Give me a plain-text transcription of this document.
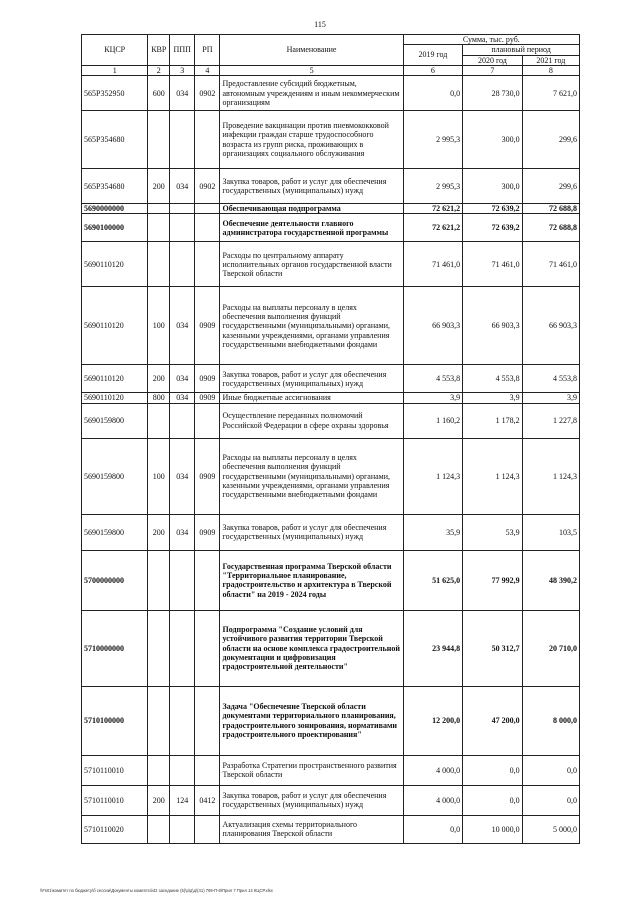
115
КЦСР	КВР	ППП	РП	Наименование	Сумма, тыс. руб.		
					2019 год	плановый период	
						2020 год	2021 год
1	2	3	4	5	6	7	8
565Р352950	600	034	0902	Предоставление субсидий бюджетным, автономным учреждениям и иным некоммерческим организациям	0,0	28 730,0	7 621,0
565Р354680				Проведение вакцинации против пневмококковой инфекции граждан старше трудоспособного возраста из групп риска, проживающих в организациях социального обслуживания	2 995,3	300,0	299,6
565Р354680	200	034	0902	Закупка товаров, работ и услуг для обеспечения государственных (муниципальных) нужд	2 995,3	300,0	299,6
5690000000				Обеспечивающая подпрограмма	72 621,2	72 639,2	72 688,8
5690100000				Обеспечение деятельности главного администратора государственной программы	72 621,2	72 639,2	72 688,8
5690110120				Расходы по центральному аппарату исполнительных органов государственной власти Тверской области	71 461,0	71 461,0	71 461,0
5690110120	100	034	0909	Расходы на выплаты персоналу в целях обеспечения выполнения функций государственными (муниципальными) органами, казенными учреждениями, органами управления государственными внебюджетными фондами	66 903,3	66 903,3	66 903,3
5690110120	200	034	0909	Закупка товаров, работ и услуг для обеспечения государственных (муниципальных) нужд	4 553,8	4 553,8	4 553,8
5690110120	800	034	0909	Иные бюджетные ассигнования	3,9	3,9	3,9
5690159800				Осуществление переданных полномочий Российской Федерации в сфере охраны здоровья	1 160,2	1 178,2	1 227,8
5690159800	100	034	0909	Расходы на выплаты персоналу в целях обеспечения выполнения функций государственными (муниципальными) органами, казенными учреждениями, органами управления государственными внебюджетными фондами	1 124,3	1 124,3	1 124,3
5690159800	200	034	0909	Закупка товаров, работ и услуг для обеспечения государственных (муниципальных) нужд	35,9	53,9	103,5
5700000000				Государственная программа Тверской области "Территориальное планирование, градостроительство и архитектура в Тверской области" на 2019 - 2024 годы	51 625,0	77 992,9	48 390,2
5710000000				Подпрограмма "Создание условий для устойчивого развития территории Тверской области на основе комплекса градостроительной документации и цифровизация градостроительной деятельности"	23 944,8	50 312,7	20 710,0
5710100000				Задача "Обеспечение Тверской области документами территориального планирования, градостроительного зонирования, нормативами градостроительного проектирования"	12 200,0	47 200,0	8 000,0
5710110010				Разработка Стратегии пространственного развития Тверской области	4 000,0	0,0	0,0
5710110010	200	124	0412	Закупка товаров, работ и услуг для обеспечения государственных (муниципальных) нужд	4 000,0	0,0	0,0
5710110020				Актуализация схемы территориального планирования Тверской области	0,0	10 000,0	5 000,0
\\Fs01\комитет по бюджету\б сессии\Документы комитета\42 заседание (5)\р\д\д\(41) 769-П-8\Прил 7 Прил 14 КЦСР.xlsx
